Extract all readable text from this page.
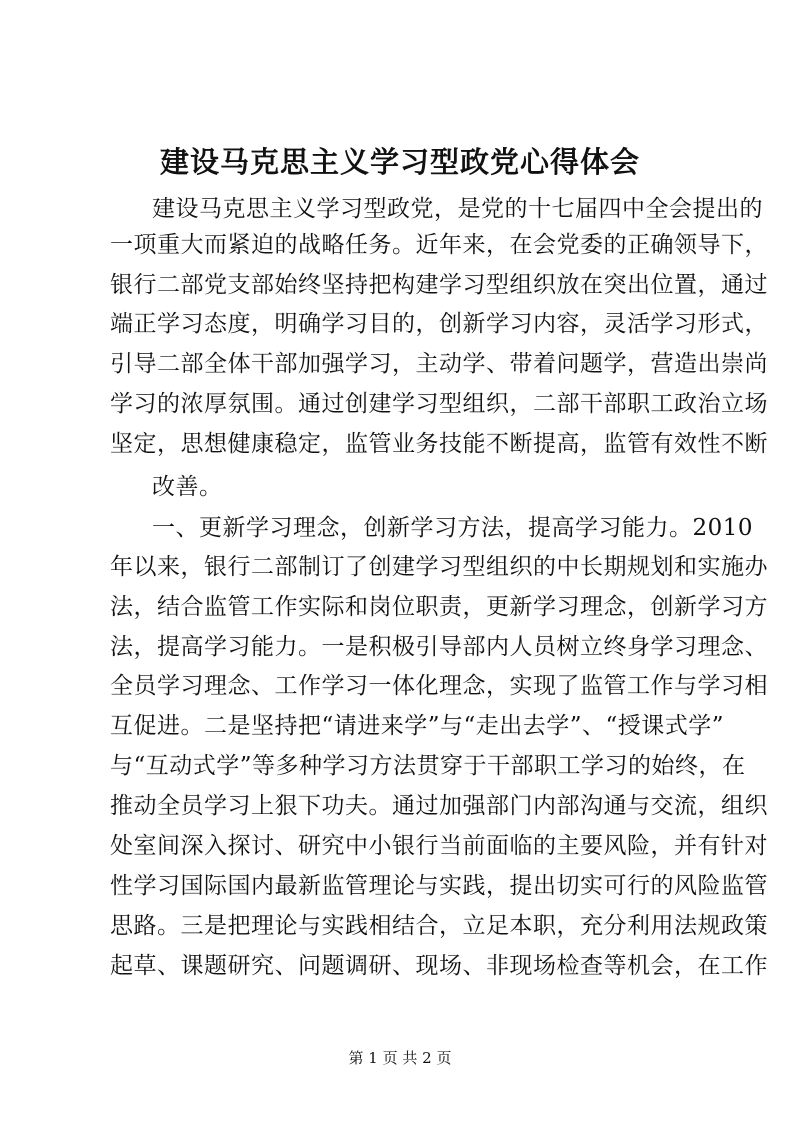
建设马克思主义学习型政党心得体会
建设马克思主义学习型政党，是党的十七届四中全会提出的
一项重大而紧迫的战略任务。近年来，在会党委的正确领导下，
银行二部党支部始终坚持把构建学习型组织放在突出位置，通过
端正学习态度，明确学习目的，创新学习内容，灵活学习形式，
引导二部全体干部加强学习，主动学、带着问题学，营造出崇尚
学习的浓厚氛围。通过创建学习型组织，二部干部职工政治立场
坚定，思想健康稳定，监管业务技能不断提高，监管有效性不断
改善。
一、更新学习理念，创新学习方法，提高学习能力。2010
年以来，银行二部制订了创建学习型组织的中长期规划和实施办
法，结合监管工作实际和岗位职责，更新学习理念，创新学习方
法，提高学习能力。一是积极引导部内人员树立终身学习理念、
全员学习理念、工作学习一体化理念，实现了监管工作与学习相
互促进。二是坚持把“请进来学”与“走出去学”、“授课式学”
与“互动式学”等多种学习方法贯穿于干部职工学习的始终，在
推动全员学习上狠下功夫。通过加强部门内部沟通与交流，组织
处室间深入探讨、研究中小银行当前面临的主要风险，并有针对
性学习国际国内最新监管理论与实践，提出切实可行的风险监管
思路。三是把理论与实践相结合，立足本职，充分利用法规政策
起草、课题研究、问题调研、现场、非现场检查等机会，在工作
第 1 页 共 2 页
